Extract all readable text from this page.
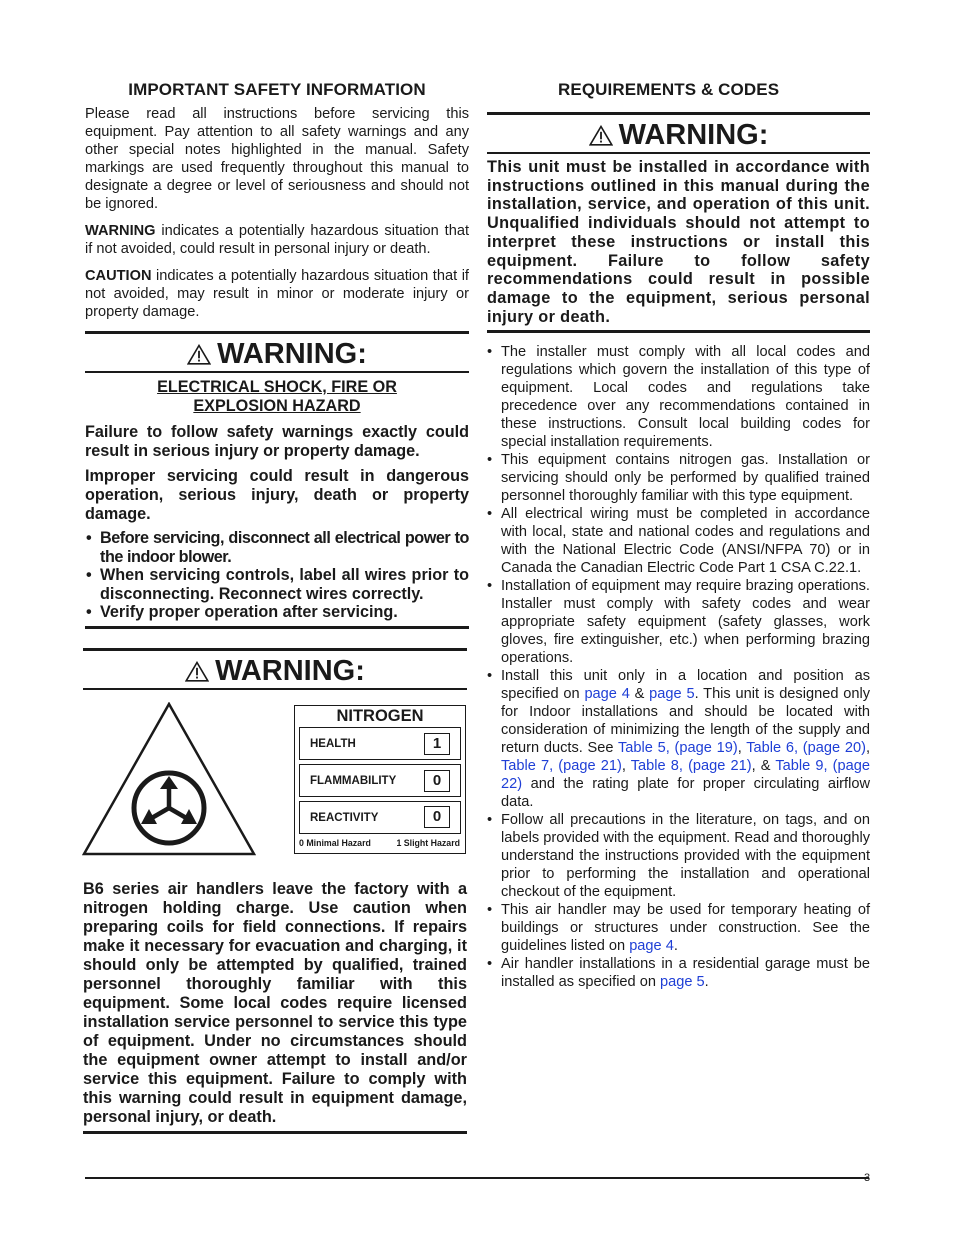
IMPORTANT SAFETY INFORMATION

Please read all instructions before servicing this equipment. Pay attention to all safety warnings and any other special notes highlighted in the manual. Safety markings are used frequently throughout this manual to designate a degree or level of seriousness and should not be ignored.

WARNING indicates a potentially hazardous situation that if not avoided, could result in personal injury or death.

CAUTION indicates a potentially hazardous situation that if not avoided, may result in minor or moderate injury or property damage.

WARNING:
ELECTRICAL SHOCK, FIRE OR
EXPLOSION HAZARD

Failure to follow safety warnings exactly could result in serious injury or property damage.

Improper servicing could result in dangerous operation, serious injury, death or property damage.

• Before servicing, disconnect all electrical power to the indoor blower.
• When servicing controls, label all wires prior to disconnecting. Reconnect wires correctly.
• Verify proper operation after servicing.
WARNING:
NITROGEN
HEALTH	1
FLAMMABILITY	0
REACTIVITY	0
0 Minimal Hazard	1 Slight Hazard

B6 series air handlers leave the factory with a nitrogen holding charge. Use caution when preparing coils for field connections. If repairs make it necessary for evacuation and charging, it should only be attempted by qualified, trained personnel thoroughly familiar with this equipment. Some local codes require licensed installation service personnel to service this type of equipment. Under no circumstances should the equipment owner attempt to install and/or service this equipment. Failure to comply with this warning could result in equipment damage, personal injury, or death.

REQUIREMENTS & CODES
WARNING:

This unit must be installed in accordance with instructions outlined in this manual during the installation, service, and operation of this unit. Unqualified individuals should not attempt to interpret these instructions or install this equipment. Failure to follow safety recommendations could result in possible damage to the equipment, serious personal injury or death.

• The installer must comply with all local codes and regulations which govern the installation of this type of equipment. Local codes and regulations take precedence over any recommendations contained in these instructions. Consult local building codes for special installation requirements.
• This equipment contains nitrogen gas. Installation or servicing should only be performed by qualified trained personnel thoroughly familiar with this type equipment.
• All electrical wiring must be completed in accordance with local, state and national codes and regulations and with the National Electric Code (ANSI/NFPA 70) or in Canada the Canadian Electric Code Part 1 CSA C.22.1.
• Installation of equipment may require brazing operations. Installer must comply with safety codes and wear appropriate safety equipment (safety glasses, work gloves, fire extinguisher, etc.) when performing brazing operations.
• Install this unit only in a location and position as specified on page 4 & page 5. This unit is designed only for Indoor installations and should be located with consideration of minimizing the length of the supply and return ducts. See Table 5, (page 19), Table 6, (page 20), Table 7, (page 21), Table 8, (page 21), & Table 9, (page 22) and the rating plate for proper circulating airflow data.
• Follow all precautions in the literature, on tags, and on labels provided with the equipment. Read and thoroughly understand the instructions provided with the equipment prior to performing the installation and operational checkout of the equipment.
• This air handler may be used for temporary heating of buildings or structures under construction. See the guidelines listed on page 4.
• Air handler installations in a residential garage must be installed as specified on page 5.
3
